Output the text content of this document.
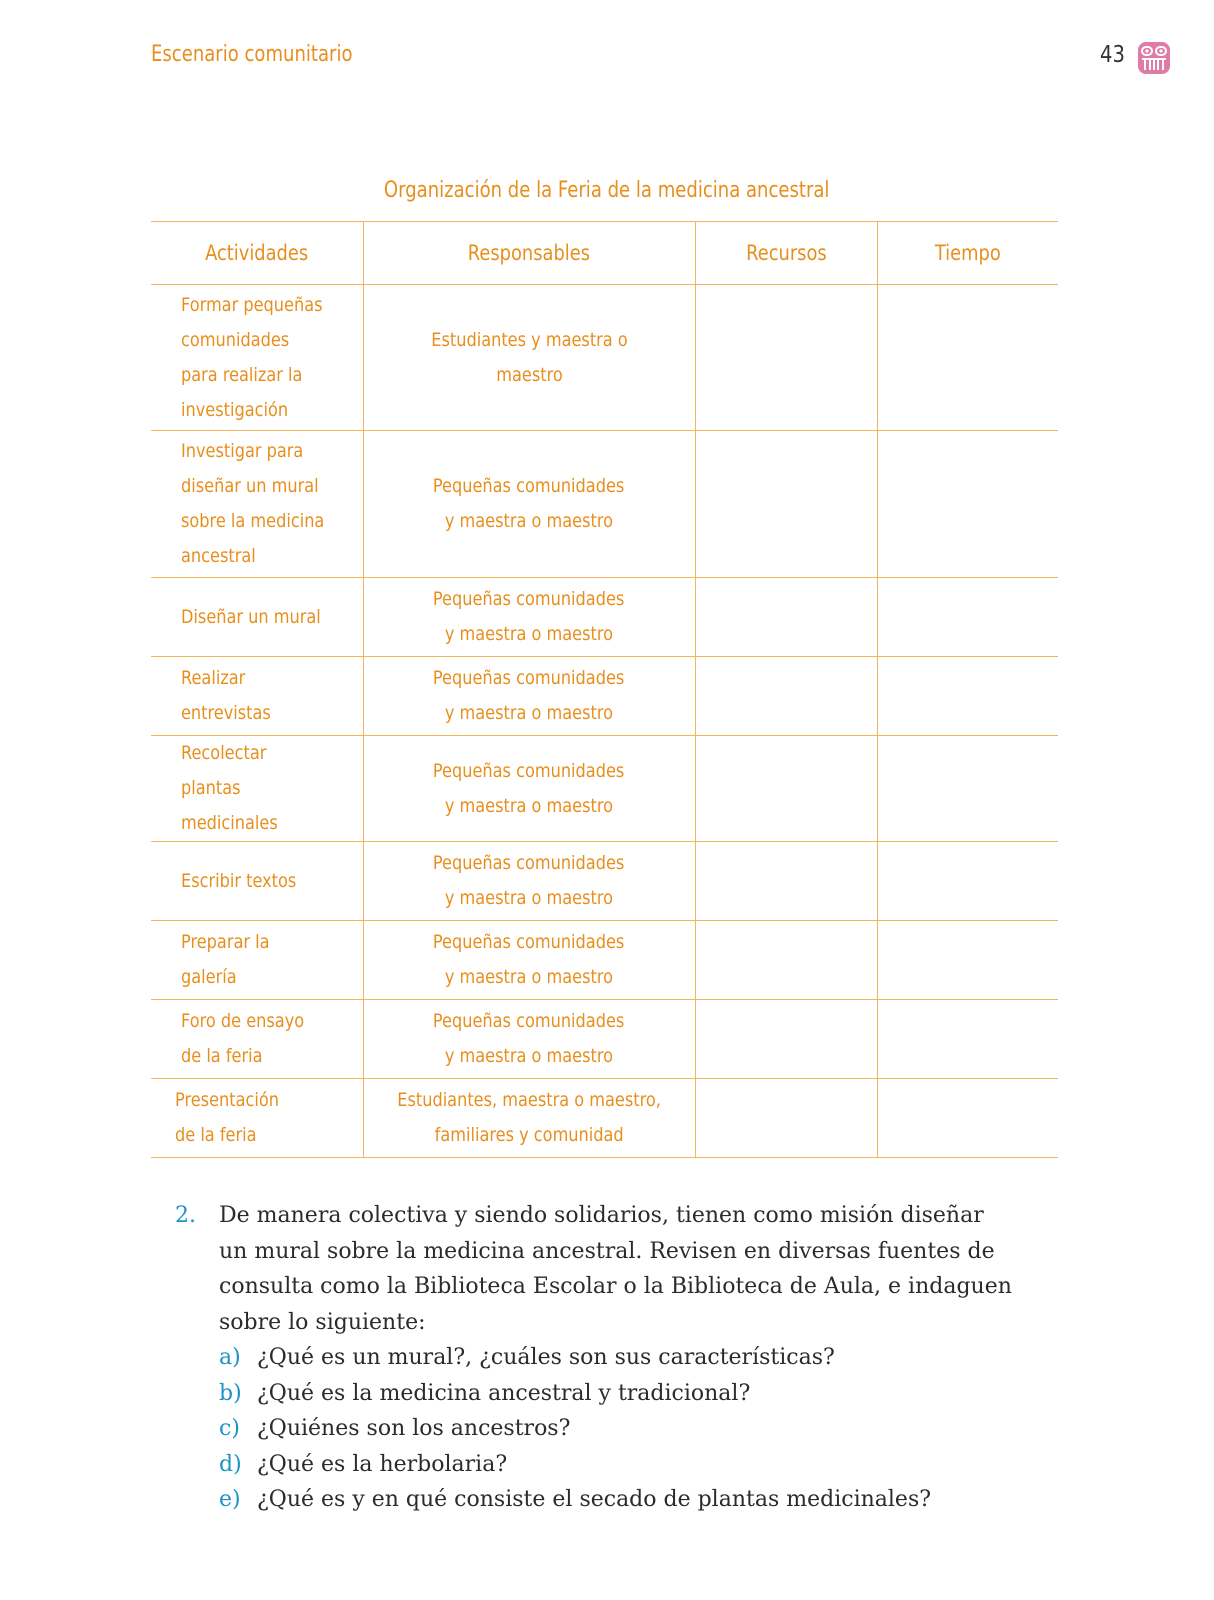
Escenario comunitario	43
Organización de la Feria de la medicina ancestral
Actividades	Responsables	Recursos	Tiempo
Formar pequeñas
comunidades
para realizar la
investigación	Estudiantes y maestra o maestro		
Investigar para
diseñar un mural
sobre la medicina
ancestral	Pequeñas comunidades
y maestra o maestro		
Diseñar un mural	Pequeñas comunidades
y maestra o maestro		
Realizar entrevistas	Pequeñas comunidades
y maestra o maestro		
Recolectar plantas
medicinales	Pequeñas comunidades
y maestra o maestro		
Escribir textos	Pequeñas comunidades
y maestra o maestro		
Preparar la galería	Pequeñas comunidades
y maestra o maestro		
Foro de ensayo
de la feria	Pequeñas comunidades
y maestra o maestro		
Presentación
de la feria	Estudiantes, maestra o maestro,
familiares y comunidad		
2. De manera colectiva y siendo solidarios, tienen como misión diseñar
un mural sobre la medicina ancestral. Revisen en diversas fuentes de
consulta como la Biblioteca Escolar o la Biblioteca de Aula, e indaguen
sobre lo siguiente:
a) ¿Qué es un mural?, ¿cuáles son sus características?
b) ¿Qué es la medicina ancestral y tradicional?
c) ¿Quiénes son los ancestros?
d) ¿Qué es la herbolaria?
e) ¿Qué es y en qué consiste el secado de plantas medicinales?
